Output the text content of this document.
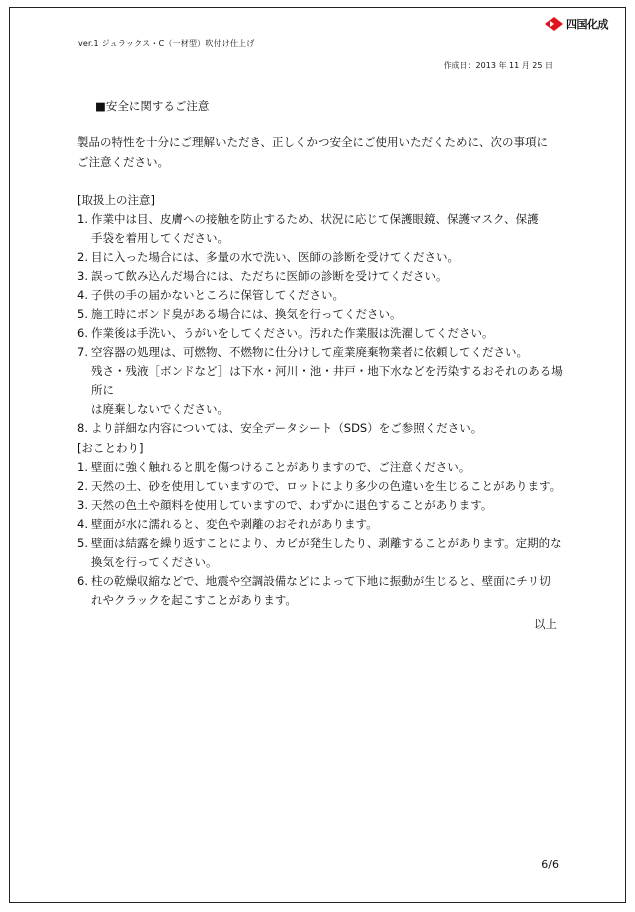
ver.1 ジュラックス・C（一材型）吹付け仕上げ
四国化成
作成日：2013 年 11 月 25 日
■安全に関するご注意
製品の特性を十分にご理解いただき、正しくかつ安全にご使用いただくために、次の事項に
ご注意ください。
[取扱上の注意]
1. 作業中は目、皮膚への接触を防止するため、状況に応じて保護眼鏡、保護マスク、保護
手袋を着用してください。
2. 目に入った場合には、多量の水で洗い、医師の診断を受けてください。
3. 誤って飲み込んだ場合には、ただちに医師の診断を受けてください。
4. 子供の手の届かないところに保管してください。
5. 施工時にボンド臭がある場合には、換気を行ってください。
6. 作業後は手洗い、うがいをしてください。汚れた作業服は洗濯してください。
7. 空容器の処理は、可燃物、不燃物に仕分けして産業廃棄物業者に依頼してください。
残さ・残液［ボンドなど］は下水・河川・池・井戸・地下水などを汚染するおそれのある場所に
は廃棄しないでください。
8. より詳細な内容については、安全データシート（SDS）をご参照ください。
[おことわり]
1. 壁面に強く触れると肌を傷つけることがありますので、ご注意ください。
2. 天然の土、砂を使用していますので、ロットにより多少の色違いを生じることがあります。
3. 天然の色土や顔料を使用していますので、わずかに退色することがあります。
4. 壁面が水に濡れると、変色や剥離のおそれがあります。
5. 壁面は結露を繰り返すことにより、カビが発生したり、剥離することがあります。定期的な
換気を行ってください。
6. 柱の乾燥収縮などで、地震や空調設備などによって下地に振動が生じると、壁面にチリ切
れやクラックを起こすことがあります。
以上
6/6
